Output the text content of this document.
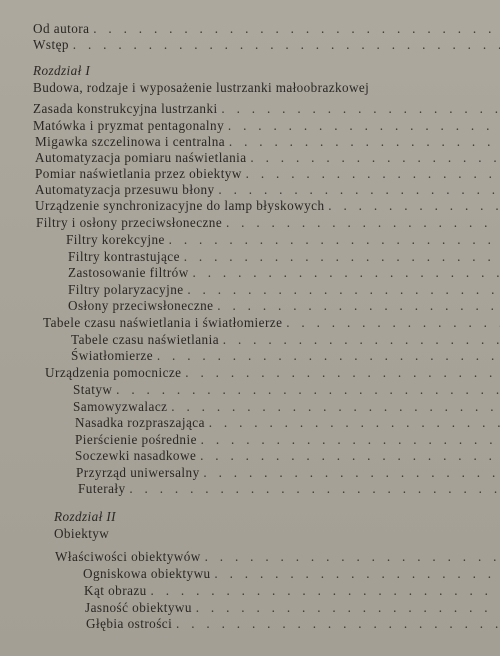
Od autora . .
Wstęp . .
Rozdział I
Budowa, rodzaje i wyposażenie lustrzanki małoobrazkowej
Zasada konstrukcyjna lustrzanki . .
Matówka i pryzmat pentagonalny . .
Migawka szczelinowa i centralna . .
Automatyzacja pomiaru naświetlania . .
Pomiar naświetlania przez obiektyw . .
Automatyzacja przesuwu błony . .
Urządzenie synchronizacyjne do lamp błyskowych . .
Filtry i osłony przeciwsłoneczne . .
Filtry korekcyjne . .
Filtry kontrastujące . .
Zastosowanie filtrów . .
Filtry polaryzacyjne . .
Osłony przeciwsłoneczne . .
Tabele czasu naświetlania i światłomierze . .
Tabele czasu naświetlania . .
Światłomierze . .
Urządzenia pomocnicze . .
Statyw . .
Samowyzwalacz . .
Nasadka rozpraszająca . .
Pierścienie pośrednie . .
Soczewki nasadkowe . .
Przyrząd uniwersalny . .
Futerały . .
Rozdział II
Obiektyw
Właściwości obiektywów . .
Ogniskowa obiektywu . .
Kąt obrazu . .
Jasność obiektywu . .
Głębia ostrości . .
